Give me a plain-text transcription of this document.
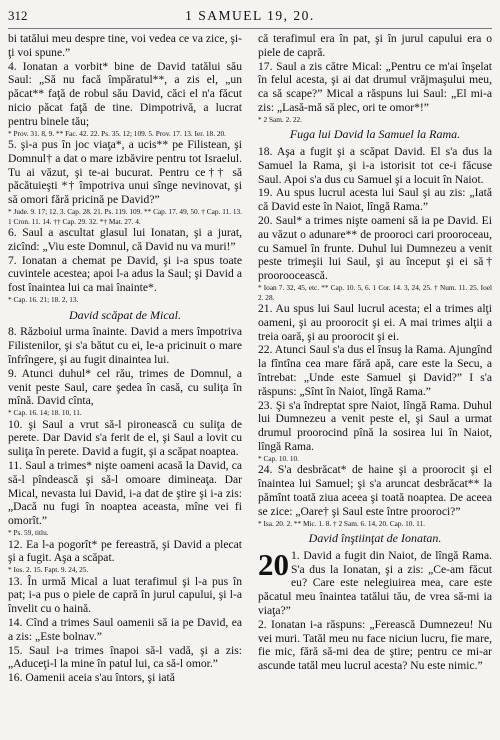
312	1 SAMUEL 19, 20.

bi tatălui meu despre tine, voi vedea ce va zice, şi-ţi voi spune.”

4. Ionatan a vorbit* bine de David tatălui său Saul: „Să nu facă împăratul**, a zis el, „un păcat** faţă de robul său David, căci el n'a făcut nicio păcat faţă de tine. Dimpotrivă, a lucrat pentru binele tău;

* Prov. 31. 8, 9. ** Fac. 42. 22. Ps. 35. 12; 109. 5. Prov. 17. 13. Ier. 18. 20.

5. şi-a pus în joc viaţa*, a ucis** pe Filistean, şi Domnul† a dat o mare izbăvire pentru tot Israelul. Tu ai văzut, şi te-ai bucurat. Pentru ce†† să păcătuieşti *† împotriva unui sînge nevinovat, şi să omori fără pricină pe David?”

* Jude. 9. 17; 12. 3. Cap. 28. 21. Ps. 119. 109. ** Cap. 17. 49, 50. † Cap. 11. 13. 1 Cron. 11. 14. †† Cap. 29. 32. *† Mat. 27. 4.

6. Saul a ascultat glasul lui Ionatan, şi a jurat, zicînd: „Viu este Domnul, că David nu va muri!”

7. Ionatan a chemat pe David, şi i-a spus toate cuvintele acestea; apoi l-a adus la Saul; şi David a fost înaintea lui ca mai înainte*.

* Cap. 16. 21; 18. 2, 13.

David scăpat de Mical.

8. Războiul urma înainte. David a mers împotriva Filistenilor, şi s'a bătut cu ei, le-a pricinuit o mare înfrîngere, şi au fugit dinaintea lui.

9. Atunci duhul* cel rău, trimes de Domnul, a venit peste Saul, care şedea în casă, cu suliţa în mînă. David cînta,

* Cap. 16. 14; 18. 10, 11.

10. şi Saul a vrut să-l pironească cu suliţa de perete. Dar David s'a ferit de el, şi Saul a lovit cu suliţa în perete. David a fugit, şi a scăpat noaptea.

11. Saul a trimes* nişte oameni acasă la David, ca să-l pîndească şi să-l omoare dimineaţa. Dar Mical, nevasta lui David, i-a dat de ştire şi i-a zis: „Dacă nu fugi în noaptea aceasta, mîne vei fi omorît.”

* Ps. 59, titlu.

12. Ea l-a pogorît* pe fereastră, şi David a plecat şi a fugit. Aşa a scăpat.

* Ios. 2. 15. Fapt. 9. 24, 25.

13. În urmă Mical a luat terafimul şi l-a pus în pat; i-a pus o piele de capră în jurul capului, şi l-a învelit cu o haină.

14. Cînd a trimes Saul oamenii să ia pe David, ea a zis: „Este bolnav.”

15. Saul i-a trimes înapoi să-l vadă, şi a zis: „Aduceţi-l la mine în patul lui, ca să-l omor.”

16. Oamenii aceia s'au întors, şi iată

că terafimul era în pat, şi în jurul capului era o piele de capră.

17. Saul a zis către Mical: „Pentru ce m'ai înşelat în felul acesta, şi ai dat drumul vrăjmaşului meu, ca să scape?” Mical a răspuns lui Saul: „El mi-a zis: „Lasă-mă să plec, ori te omor*!”

* 2 Sam. 2. 22.

Fuga lui David la Samuel la Rama.

18. Aşa a fugit şi a scăpat David. El s'a dus la Samuel la Rama, şi i-a istorisit tot ce-i făcuse Saul. Apoi s'a dus cu Samuel şi a locuit în Naiot.

19. Au spus lucrul acesta lui Saul şi au zis: „Iată că David este în Naiot, lîngă Rama.”

20. Saul* a trimes nişte oameni să ia pe David. Ei au văzut o adunare** de prooroci cari prooroceau, cu Samuel în frunte. Duhul lui Dumnezeu a venit peste trimeşii lui Saul, şi au început şi ei să† prooroocească.

* Ioan 7. 32, 45, etc. ** Cap. 10. 5, 6. 1 Cor. 14. 3, 24, 25. † Num. 11. 25. Ioel 2. 28.

21. Au spus lui Saul lucrul acesta; el a trimes alţi oameni, şi au proorocit şi ei. A mai trimes alţii a treia oară, şi au proorocit şi ei.

22. Atunci Saul s'a dus el însuş la Rama. Ajungînd la fîntîna cea mare fără apă, care este la Secu, a întrebat: „Unde este Samuel şi David?” I s'a răspuns: „Sînt în Naiot, lîngă Rama.”

23. Şi s'a îndreptat spre Naiot, lîngă Rama. Duhul lui Dumnezeu a venit peste el, şi Saul a urmat drumul proorocind pînă la sosirea lui în Naiot, lîngă Rama.

* Cap. 10. 10.

24. S'a desbrăcat* de haine şi a proorocit şi el înaintea lui Samuel; şi s'a aruncat desbrăcat** la pămînt toată ziua aceea şi toată noaptea. De aceea se zice: „Oare† şi Saul este între prooroci?”

* Isa. 20. 2. ** Mic. 1. 8. † 2 Sam. 6. 14, 20. Cap. 10. 11.

David înştiinţat de Ionatan.

20 1. David a fugit din Naiot, de lîngă Rama. S'a dus la Ionatan, şi a zis: „Ce-am făcut eu? Care este nelegiuirea mea, care este păcatul meu înaintea tatălui tău, de vrea să-mi ia viaţa?”

2. Ionatan i-a răspuns: „Ferească Dumnezeu! Nu vei muri. Tatăl meu nu face niciun lucru, fie mare, fie mic, fără să-mi dea de ştire; pentru ce mi-ar ascunde tatăl meu lucrul acesta? Nu este nimic.”
